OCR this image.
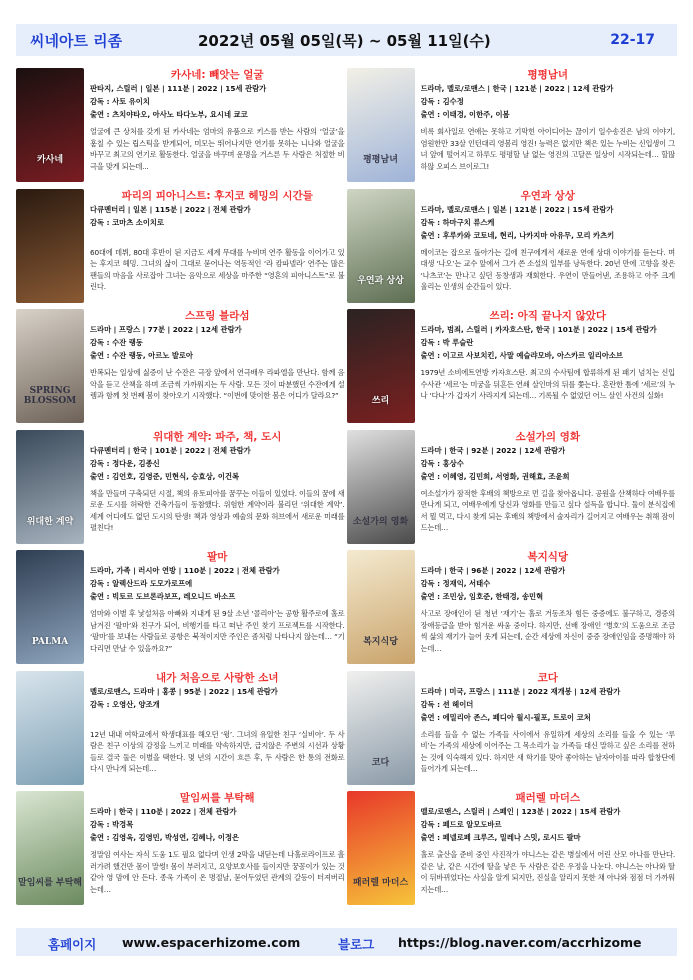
씨네아트 리좀	2022년 05월 05일(목) ~ 05월 11일(수)	22-17
카사네
카사네: 빼앗는 얼굴
판타지, 스릴러 | 일본 | 111분 | 2022 | 15세 관람가
감독 : 사토 유이치
출연 : 츠치야타오, 아사노 타다노부, 요시네 쿄코
얼굴에 큰 상처를 갖게 된 카사네는 엄마의 유품으로 키스를 받는 사람의 ‘얼굴’을 훔칠 수 있는 립스틱을 받게되어, 미모는 뛰어나지만 연기를 못하는 니나와 얼굴을 바꾸고 최고의 연기로 활동한다. 얼굴을 바꾸며 운명을 거스른 두 사람은 처절한 비극을 맞게 되는데...
평평남녀
평평남녀
드라마, 멜로/로맨스 | 한국 | 121분 | 2022 | 12세 관람가
감독 : 김수정
출연 : 이태경, 이한주, 이봄
비록 회사일로 연애는 못하고 기막힌 아이디어는 끊이기 일수송진은 남의 이야기, 염원한만 33살 인턴대리 영봄리 영진! 능력은 없지만 책은 있는 누비는 신입생이 그녀 앞에 떨어지고 하루도 평평할 날 없는 영진의 고달픈 일상이 시작되는데… 할많하않 오피스 브이로그!
파리의 피아니스트: 후지코 헤밍의 시간들
다큐멘터리 | 일본 | 115분 | 2022 | 전체 관람가
감독 : 코마츠 소이치로
60대에 데뷔, 80대 후반이 된 지금도 세계 무대를 누비며 연주 활동을 이어가고 있는 후지코 헤밍. 그녀의 삶이 그대로 묻어나는 역동적인 ‘라 캄파넬라’ 연주는 많은 팬들의 마음을 사로잡아 그녀는 음악으로 세상을 마주한 “영혼의 피아니스트”로 불린다.
우연과 상상
우연과 상상
드라마, 멜로/로맨스 | 일본 | 121분 | 2022 | 15세 관람가
감독 : 하마구치 류스케
출연 : 후루카와 코토네, 현리, 나카지마 아유무, 모리 카츠키
메이코는 잡으로 돌아가는 길에 친구에게서 새로운 연애 상대 이야기를 듣는다. 며대생 ‘나오’는 교수 앞에서 그가 쓴 소설의 일부를 낭독한다. 20년 만에 고향을 찾은 ‘나츠코’는 만나고 싶던 동창생과 재회한다. 우연이 만들어낸, 조용하고 아주 크게 울리는 인생의 순간들이 있다.
SPRING BLOSSOM
스프링 블라섬
드라마 | 프랑스 | 77분 | 2022 | 12세 관람가
감독 : 수잔 랭동
출연 : 수잔 랭동, 아르노 발로아
반복되는 일상에 싫증이 난 수잔은 극장 앞에서 연극배우 라파엘을 만난다. 함께 음악을 듣고 산책을 하며 조금씩 가까워지는 두 사람. 모든 것이 따분했던 수잔에게 설렘과 함께 첫 번째 봄이 찾아오기 시작했다. “이번에 맞이한 봄은 어디가 달라요?”
쓰리
쓰리: 아직 끝나지 않았다
드라마, 범죄, 스릴러 | 카자흐스탄, 한국 | 101분 | 2022 | 15세 관람가
감독 : 박 루슬란
출연 : 이고르 사보치킨, 사말 예슬랴모바, 아스카르 일리아소브
1979년 소비에트연방 카자흐스탄. 최고의 수사팀에 합류하게 된 패기 넘치는 신입 수사관 ‘세르’는 미궁을 뒤흔든 연쇄 살인마의 뒤를 쫓는다. 혼란한 틈에 ‘세르’의 누나 ‘다나’가 갑자기 사라지게 되는데… 기록될 수 없었던 어느 살인 사건의 실화!
위대한 계약
위대한 계약: 파주, 책, 도시
다큐멘터리 | 한국 | 101분 | 2022 | 전체 관람가
감독 : 정다운, 김종신
출연 : 김언호, 김영준, 민현식, 승효상, 이건복
책을 만들며 구축되던 시절, 책의 유토피아를 꿈꾸는 이들이 있었다. 이들의 꿈에 새로운 도시를 허락한 건축가들이 동참했다. 위험한 계약이라 불리던 ‘위대한 계약’. 세계 어디에도 없던 도시의 탄생! 책과 영상과 예술의 문화 허브에서 새로운 미래를 펼친다!
소설가의 영화
소설가의 영화
드라마 | 한국 | 92분 | 2022 | 12세 관람가
감독 : 홍상수
출연 : 이혜영, 김민희, 서영화, 권해효, 조윤희
여소설가가 잠적한 후배의 책방으로 먼 길을 찾아옵니다. 공원을 산책하다 여배우를 만나게 되고, 여배우에게 당신과 영화를 만들고 싶다 설득을 합니다. 둘이 분식집에서 뭘 먹고, 다시 찾게 되는 후배의 책방에서 술자리가 길어지고 여배우는 취해 잠이 드는데…
PALMA
팔마
드라마, 가족 | 러시아 연방 | 110분 | 2022 | 전체 관람가
감독 : 알렉산드라 도모가로프에
출연 : 빅토르 도브론라보프, 레오니드 바소프
엄마와 이별 후 낯설처음 아빠와 지내게 된 9살 소년 ‘콜리아’는 공항 활주로에 홀로 남겨진 ‘팔마’와 친구가 되어, 비행기를 타고 떠난 주인 찾기 프로젝트를 시작한다. ‘팔마’를 보내는 사람들로 공항은 북적이지만 주인은 좀처럼 나타나지 않는데… “기다리면 만날 수 있을까요?”
복지식당
복지식당
드라마 | 한국 | 96분 | 2022 | 12세 관람가
감독 : 정재익, 서태수
출연 : 조민상, 임호준, 한태경, 송민혁
사고로 장애인이 된 청년 ‘재기’는 홀로 거동조차 힘든 중증에도 불구하고, 경증의 장애등급을 받아 힘겨운 싸움 중이다. 하지만, 선배 장애인 ‘병호’의 도움으로 조금씩 삶의 재기가 늘어 웃게 되는데, 순간 세상에 자신이 중증 장애인임을 증명해야 하는데…
내가 처음으로 사랑한 소녀
멜로/로맨스, 드라마 | 홍콩 | 95분 | 2022 | 15세 관람가
감독 : 오영산, 양조개
12년 내내 여학교에서 학생대표를 해오던 ‘윙’. 그녀의 유일한 친구 ‘실비아’. 두 사람은 친구 이상의 감정을 느끼고 미래를 약속하지만, 급지않은 주변의 시선과 상황들로 결국 둘은 이별을 택한다. 몇 년의 시간이 흐른 후, 두 사람은 한 통의 전화로 다시 만나게 되는데…
코다
코다
드라마 | 미국, 프랑스 | 111분 | 2022 재개봉 | 12세 관람가
감독 : 션 헤이더
출연 : 에밀리아 존스, 페디아 월시-필포, 트로이 코처
소리를 들을 수 없는 가족들 사이에서 유일하게 세상의 소리를 들을 수 있는 ‘루비’는 가족의 세상에 이어주는 그 목소리가 늘 가족들 대신 말하고 싶은 소리를 전하는 것에 익숙해져 있다. 하지만 새 학기를 맞아 좋아하는 남자아이를 따라 합창단에 들어가게 되는데…
말임씨를 부탁해
말임씨를 부탁해
드라마 | 한국 | 110분 | 2022 | 전체 관람가
감독 : 박경목
출연 : 김영옥, 김영민, 박성연, 김혜나, 이정은
정말임 여사는 자식 도움 1도 필요 없다며 인생 2막을 내딛는데 나홀로라이프로 흘러가려 했건만 몸이 말썽! 몸이 부러지고, 요양보호사를 들이지만 꿍꽁이가 있는 것 같아 영 맘에 안 든다. 종욱 가족이 온 명절날, 묻어두었던 관계의 갈등이 터져버리는데…
패러렐 마더스
패러렐 마더스
멜로/로맨스, 스릴러 | 스페인 | 123분 | 2022 | 15세 관람가
감독 : 페드로 알모도바르
출연 : 페넬로페 크루즈, 밀레나 스밋, 로시드 팔마
홀로 출산을 준비 중인 사진작가 야니스는 같은 병실에서 어린 산모 아나를 만난다. 같은 날, 같은 시간에 딸을 낳은 두 사람은 같은 우정을 나눈다. 야니스는 아나와 딸이 뒤바뀌었다는 사실을 알게 되지만, 진실을 알리지 못한 채 아나와 점점 더 가까워지는데…
홈페이지 www.espacerhizome.com	블로그 https://blog.naver.com/accrhizome
